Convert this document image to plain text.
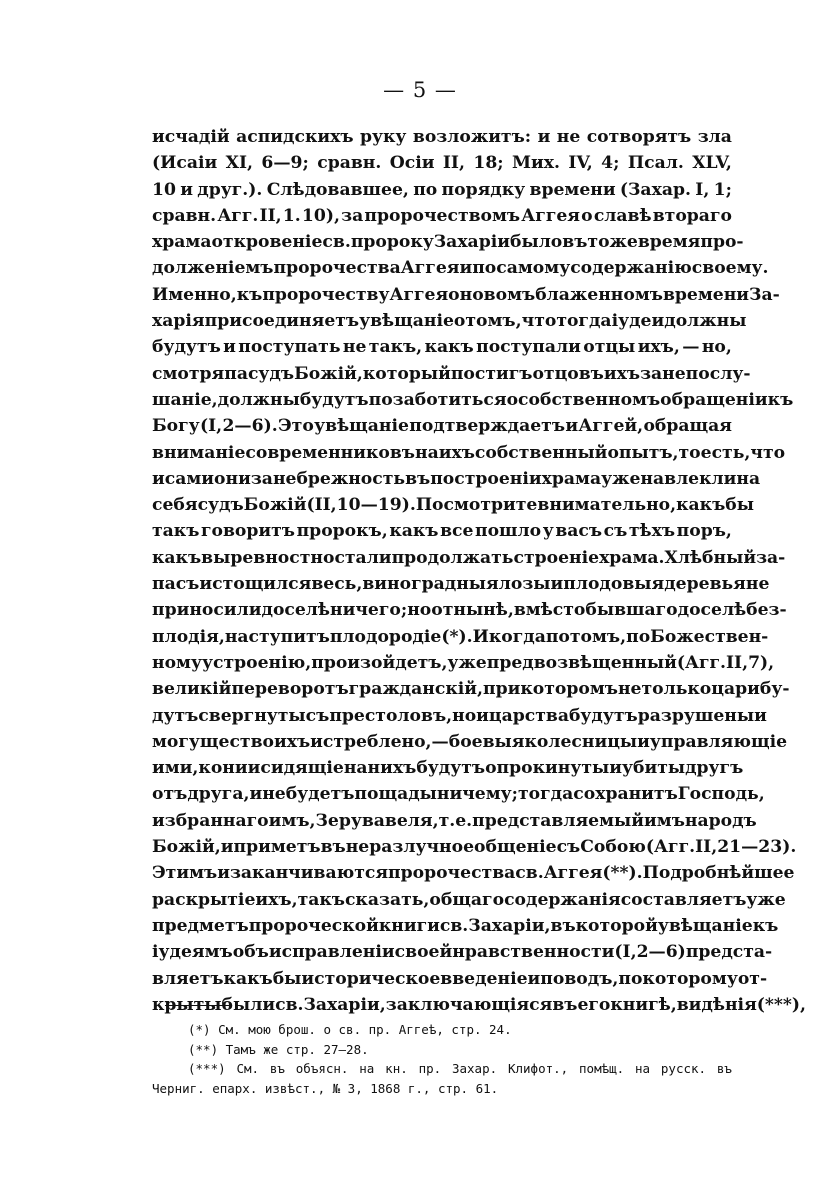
— 5 —
исчадій аспидскихъ руку возложитъ: и не сотворятъ зла
(Исаіи XI, 6—9; сравн. Осіи II, 18; Мих. IV, 4; Псал. XLV,
10 и друг.). Слѣдовавшее, по порядку времени (Захар. I, 1;
сравн. Агг. II, 1. 10), за пророчествомъ Аггея о славѣ втораго
храма откровеніе св. пророку Захаріи было въ тоже время про-
долженіемъ пророчества Аггея и по самому содержанію своему.
Именно, къ пророчеству Аггея о новомъ блаженномъ времени За-
харія присоединяетъ увѣщаніе о томъ, что тогда іудеи должны
будутъ и поступать не такъ, какъ поступали отцы ихъ, — но,
смотря па судъ Божій, который постигъ отцовъ ихъ за непослу-
шаніе, должны будутъ позаботиться о собственномъ обращеніи къ
Богу (I, 2—6). Это увѣщаніе подтверждаетъ и Аггей, обращая
вниманіе современниковъ на ихъ собственный опытъ, то есть, что
и сами они за небрежность въ построеніи храма уже навлекли на
себя судъ Божій (II, 10—19). Посмотрите внимательно, какъ бы
такъ говоритъ пророкъ, какъ все пошло у васъ съ тѣхъ поръ,
какъ вы ревностно стали продолжать строеніе храма. Хлѣбный за-
пасъ истощился весь, виноградныя лозы и плодовыя деревья не
приносили доселѣ ничего; но отнынѣ, вмѣсто бывшаго доселѣ без-
плодія, наступитъ плодородіе (*). И когда потомъ, по Божествен-
ному устроенію, произойдетъ, уже предвозвѣщенный (Агг. II, 7),
великій переворотъ гражданскій, при которомъ не только цари бу-
дутъ свергнуты съ престоловъ, но и царства будутъ разрушены и
могущество ихъ истреблено, — боевыя колесницы и управляющіе
ими, кони и сидящіе на нихъ будутъ опрокинуты и убиты другъ
отъ друга, и не будетъ пощады ничему; тогда сохранитъ Господь,
избраннаго имъ, Зерувавеля, т. е. представляемый имъ народъ
Божій, и приметъ въ неразлучное общеніе съ Собою (Агг. II, 21—23).
Этимъ и заканчиваются пророчества св. Аггея (**). Подробнѣйшее
раскрытіе ихъ, такъ сказать, общаго содержанія составляетъ уже
предметъ пророческой книги св. Захаріи, въ которой увѣщаніе къ
іудеямъ объ исправленіи своей нравственности (I, 2—6) предста-
вляетъ какъ бы историческое введеніе и поводъ, по которому от-
крыты были св. Захаріи, заключающіяся въ его книгѣ, видѣнія (***),
(*) См. мою брош. о св. пр. Аггеѣ, стр. 24.
(**) Тамъ же стр. 27—28.
(***) См. въ объясн. на кн. пр. Захар. Клифот., помѣщ. на русск. въ
Черниг. епарх. извѣст., № 3, 1868 г., стр. 61.
